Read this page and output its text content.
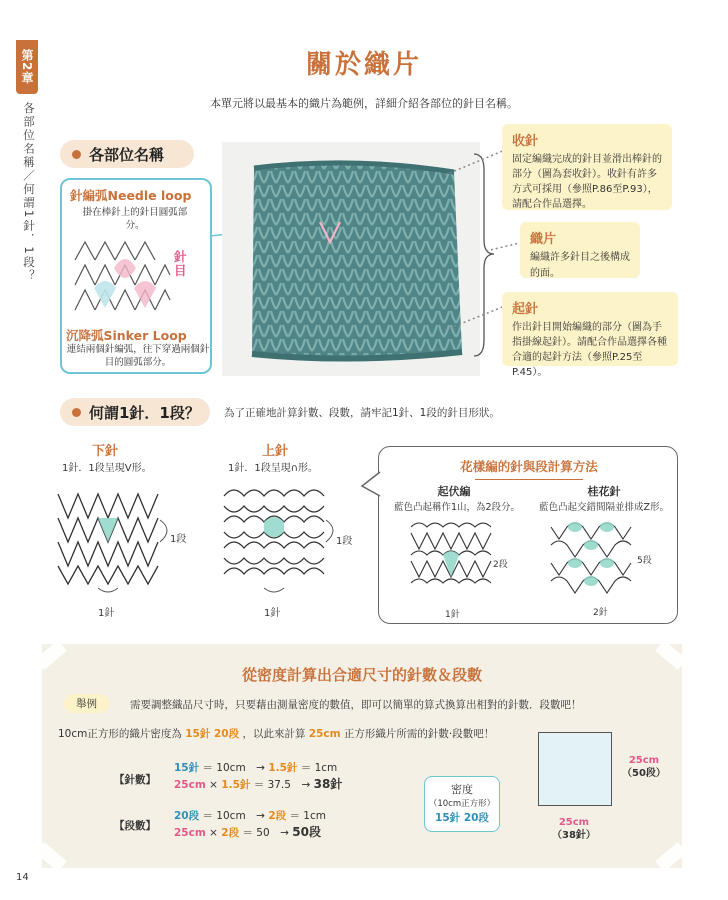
第2章
各部位名稱／何謂1針．1段？
關於織片
本單元將以最基本的織片為範例，詳細介紹各部位的針目名稱。
各部位名稱
針編弧Needle loop
掛在棒針上的針目圓弧部分。
針目
沉降弧Sinker Loop
連結兩個針編弧，往下穿過兩個針目的圓弧部分。
收針
固定編織完成的針目並滑出棒針的部分（圖為套收針）。收針有許多方式可採用（參照P.86至P.93），請配合作品選擇。
織片
編織許多針目之後構成的面。
起針
作出針目開始編織的部分（圖為手指掛線起針）。請配合作品選擇各種合適的起針方法（參照P.25至P.45）。
何謂1針．1段？ 為了正確地計算針數、段數，請牢記1針、1段的針目形狀。
下針
1針．1段呈現V形。
1段
1針
上針
1針．1段呈現∩形。
1段
1針
花樣編的針與段計算方法
起伏編
藍色凸起稱作1山，為2段分。
桂花針
藍色凸起交錯間隔並排成Z形。
2段
1針
5段
2針
從密度計算出合適尺寸的針數＆段數
舉例	需要調整織品尺寸時，只要藉由測量密度的數值，即可以簡單的算式換算出相對的針數．段數吧！
10cm正方形的織片密度為 15針 20段 ，以此來計算 25cm 正方形織片所需的針數·段數吧！
【針數】
15針 ＝ 10cm　→ 1.5針 ＝ 1cm
25cm × 1.5針 ＝ 37.5　→ 38針
【段數】
20段 ＝ 10cm　→ 2段 ＝ 1cm
25cm × 2段 ＝ 50　→ 50段
密度
（10cm正方形）
15針 20段
25cm
（50段）
25cm
（38針）
14
